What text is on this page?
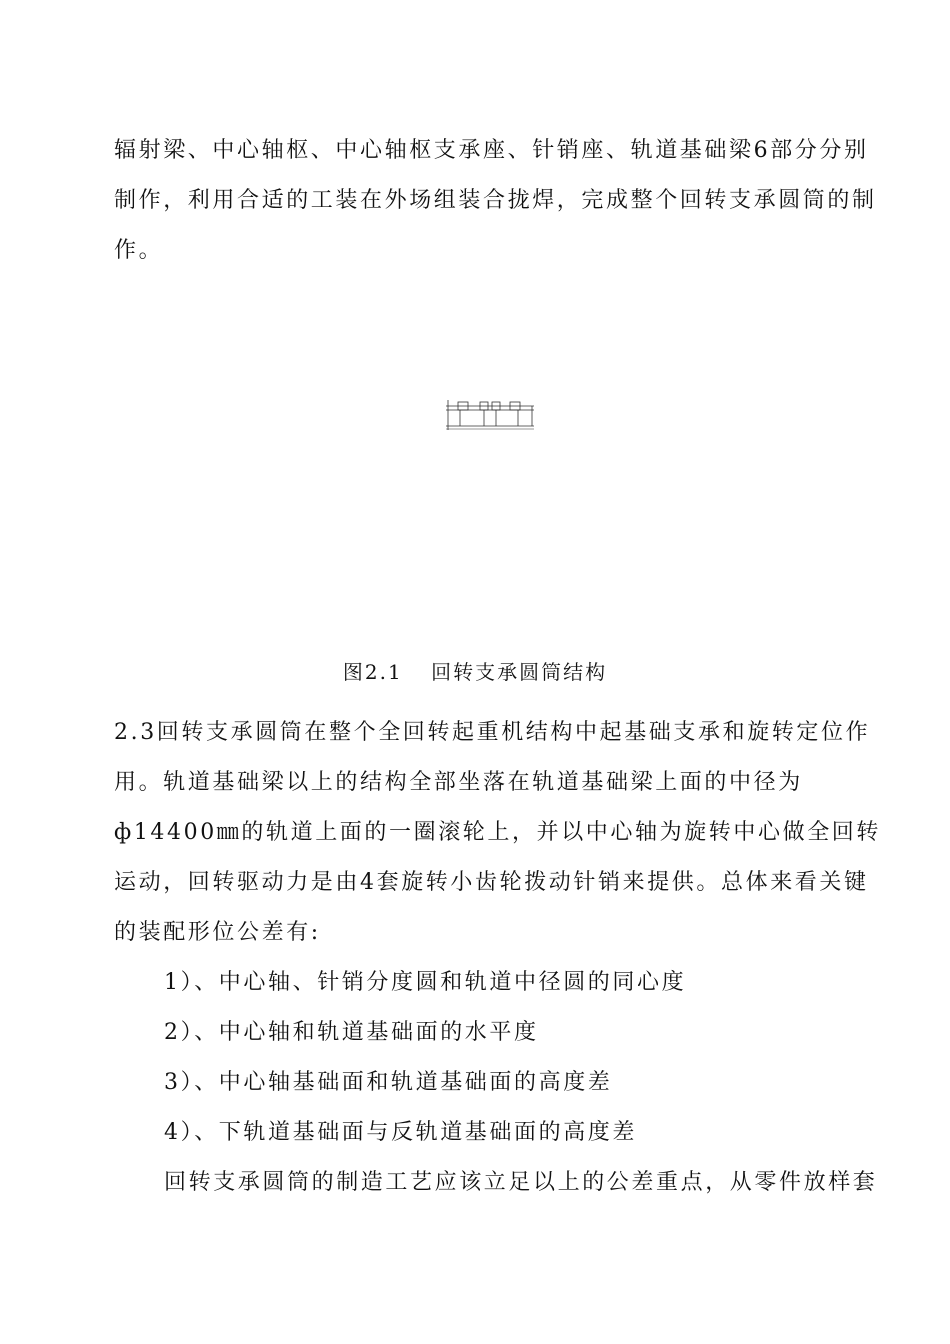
辐射梁、中心轴枢、中心轴枢支承座、针销座、轨道基础梁6部分分别

制作，利用合适的工装在外场组装合拢焊，完成整个回转支承圆筒的制

作。

图2.1 回转支承圆筒结构

2.3回转支承圆筒在整个全回转起重机结构中起基础支承和旋转定位作

用。轨道基础梁以上的结构全部坐落在轨道基础梁上面的中径为

ф14400㎜的轨道上面的一圈滚轮上，并以中心轴为旋转中心做全回转

运动，回转驱动力是由4套旋转小齿轮拨动针销来提供。总体来看关键

的装配形位公差有:

1）、中心轴、针销分度圆和轨道中径圆的同心度

2）、中心轴和轨道基础面的水平度

3）、中心轴基础面和轨道基础面的高度差

4）、下轨道基础面与反轨道基础面的高度差

回转支承圆筒的制造工艺应该立足以上的公差重点，从零件放样套
